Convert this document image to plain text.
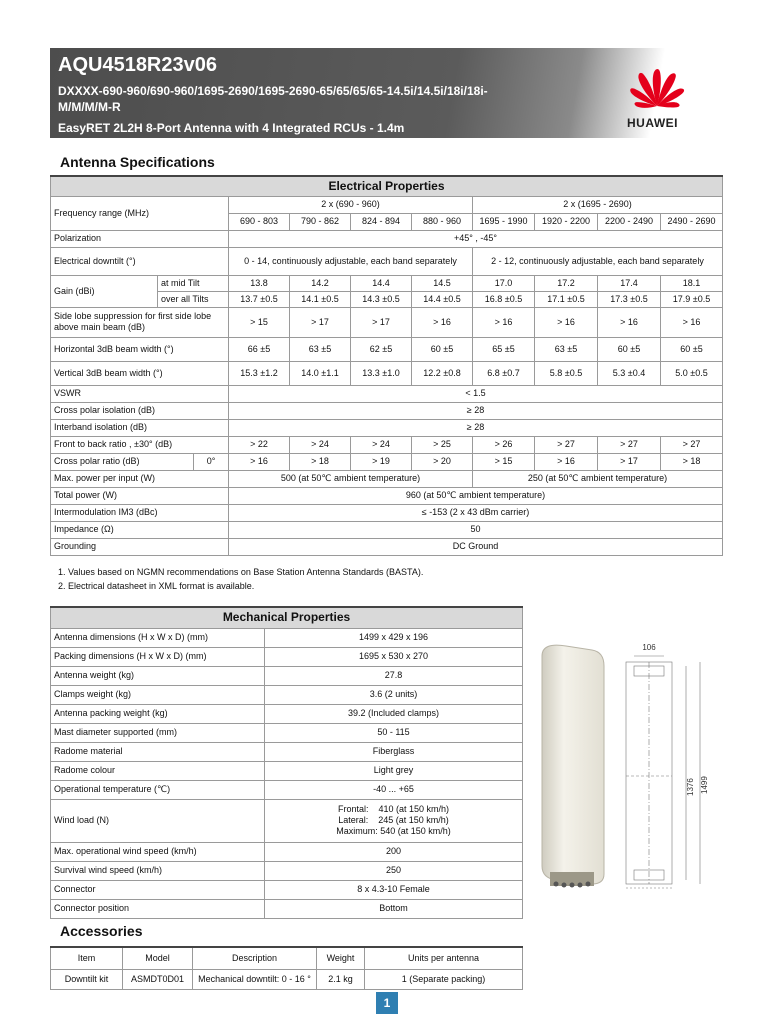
AQU4518R23v06
DXXXX-690-960/690-960/1695-2690/1695-2690-65/65/65/65-14.5i/14.5i/18i/18i-M/M/M/M-R
EasyRET 2L2H 8-Port Antenna with 4 Integrated RCUs - 1.4m	HUAWEI
Antenna Specifications
Electrical Properties										
Frequency range (MHz)			2 x (690 - 960)				2 x (1695 - 2690)			
			690 - 803	790 - 862	824 - 894	880 - 960	1695 - 1990	1920 - 2200	2200 - 2490	2490 - 2690
Polarization			+45° , -45°							
Electrical downtilt (°)			0 - 14, continuously adjustable, each band separately				2 - 12, continuously adjustable, each band separately			
Gain (dBi)	at mid Tilt		13.8	14.2	14.4	14.5	17.0	17.2	17.4	18.1
	over all Tilts		13.7 ±0.5	14.1 ±0.5	14.3 ±0.5	14.4 ±0.5	16.8 ±0.5	17.1 ±0.5	17.3 ±0.5	17.9 ±0.5
Side lobe suppression for first side lobe above main beam (dB)			> 15	> 17	> 17	> 16	> 16	> 16	> 16	> 16
Horizontal 3dB beam width (°)			66 ±5	63 ±5	62 ±5	60 ±5	65 ±5	63 ±5	60 ±5	60 ±5
Vertical 3dB beam width (°)			15.3 ±1.2	14.0 ±1.1	13.3 ±1.0	12.2 ±0.8	6.8 ±0.7	5.8 ±0.5	5.3 ±0.4	5.0 ±0.5
VSWR			< 1.5							
Cross polar isolation (dB)			≥ 28							
Interband isolation (dB)			≥ 28							
Front to back ratio , ±30° (dB)			> 22	> 24	> 24	> 25	> 26	> 27	> 27	> 27
Cross polar ratio (dB)		0°	> 16	> 18	> 19	> 20	> 15	> 16	> 17	> 18
Max. power per input (W)			500 (at 50℃ ambient temperature)				250 (at 50℃ ambient temperature)			
Total power (W)			960 (at 50℃ ambient temperature)							
Intermodulation IM3 (dBc)			≤ -153 (2 x 43 dBm carrier)							
Impedance (Ω)			50							
Grounding			DC Ground							
1. Values based on NGMN recommendations on Base Station Antenna Standards (BASTA).
2. Electrical datasheet in XML format is available.
Mechanical Properties	
Antenna dimensions (H x W x D) (mm)	1499 x 429 x 196
Packing dimensions (H x W x D) (mm)	1695 x 530 x 270
Antenna weight (kg)	27.8
Clamps weight (kg)	3.6 (2 units)
Antenna packing weight (kg)	39.2 (Included clamps)
Mast diameter supported (mm)	50 - 115
Radome material	Fiberglass
Radome colour	Light grey
Operational temperature (℃)	-40 ... +65
Wind load (N)	Frontal:    410 (at 150 km/h)
Lateral:    245 (at 150 km/h)
Maximum: 540 (at 150 km/h)

Max. operational wind speed (km/h)	200
Survival wind speed (km/h)	250
Connector	8 x 4.3-10 Female
Connector position	Bottom
106
1376 1499
Accessories
Item	Model	Description	Weight	Units per antenna
Downtilt kit	ASMDT0D01	Mechanical downtilt: 0 - 16 °	2.1 kg	1 (Separate packing)
1
